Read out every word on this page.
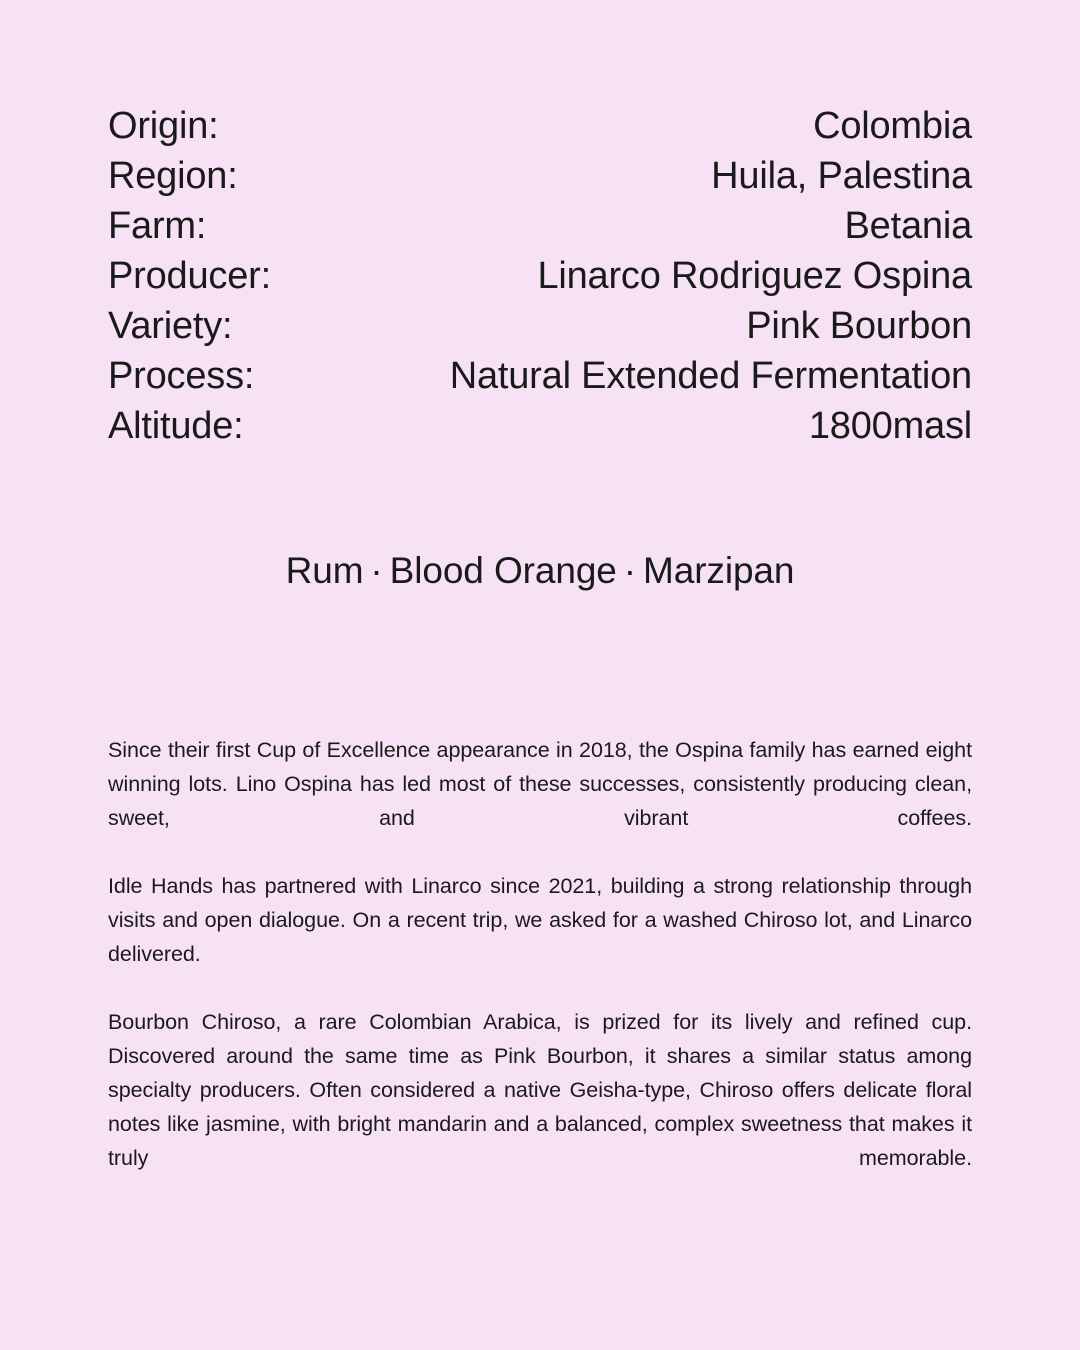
Origin:	Colombia
Region:	Huila, Palestina
Farm:	Betania
Producer:	Linarco Rodriguez Ospina
Variety:	Pink Bourbon
Process:	Natural Extended Fermentation
Altitude:	1800masl
Rum · Blood Orange · Marzipan

Since their first Cup of Excellence appearance in 2018, the Ospina family has earned eight winning lots. Lino Ospina has led most of these successes, consistently producing clean, sweet, and vibrant coffees.

Idle Hands has partnered with Linarco since 2021, building a strong relationship through visits and open dialogue. On a recent trip, we asked for a washed Chiroso lot, and Linarco delivered.

Bourbon Chiroso, a rare Colombian Arabica, is prized for its lively and refined cup. Discovered around the same time as Pink Bourbon, it shares a similar status among specialty producers. Often considered a native Geisha-type, Chiroso offers delicate floral notes like jasmine, with bright mandarin and a balanced, complex sweetness that makes it truly memorable.
